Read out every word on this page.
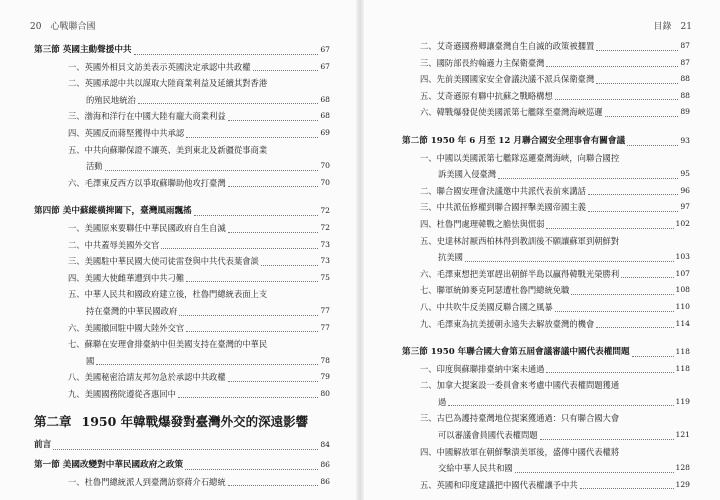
20 心戰聯合國	目錄 21
第三節 英國主動聲援中共	67
一、英國外相貝文訪美表示英國決定承認中共政權	67
二、英國承認中共以謀取大陸商業利益及延續其對香港
的殖民地統治	68
三、渤海和洋行在中國大陸有龐大商業利益	68
四、英國反而蔣堅獲得中共承認	69
五、中共向蘇聯保證不讓英、美到東北及新疆從事商業
活動	70
六、毛澤東反西方以爭取蘇聯助他攻打臺灣	70
第四節 美中蘇縱橫捭闔下，臺灣風雨飄搖	72
一、美國原來要聯任中華民國政府自生自滅	72
二、中共蓋辱美國外交官	73
三、美國駐中華民國大使司徒雷登與中共代表葉會談	73
四、美國大使雌華遭到中共刁難	75
五、中華人民共和國政府建立後，杜魯門總統表面上支
持在臺灣的中華民國政府	77
六、美國撤回駐中國大陸外交官	77
七、蘇聯在安理會排臺納中但美國支持在臺灣的中華民
國	78
八、美國秘密洽請友邦勿急於承認中共政權	79
九、美國國務院遵從吝惠回中	80
第二章 1950 年韓戰爆發對臺灣外交的深遠影響
前言	84
第一節 美國改變對中華民國政府之政策	86
一、杜魯門總統派人到臺灣訪察蔣介石總統	86
二、艾奇遜國務卿讓臺灣自生自滅的政策被擱置	87
三、國防部長約翰遜力主保衛臺灣	87
四、先前美國國家安全會議決議不派兵保衛臺灣	88
五、艾奇遜原有聯中抗蘇之戰略構想	88
六、韓戰爆發促使美國派第七艦隊至臺灣海峽巡邏	89
第二節 1950 年 6 月至 12 月聯合國安全理事會有關會議	93
一、中國以美國派第七艦隊巡邏臺灣海峽，向聯合國控
訴美國入侵臺灣	95
二、聯合國安理會決議邀中共派代表前來講話	96
三、中共派伍修權到聯合國抨擊美國帝國主義	97
四、杜魯門處理韓戰之膽怯與慌弱	102
五、史達林討厭西柏林得到教訓後不願讓蘇軍到朝鮮對
抗美國	103
六、毛澤東想把美軍趕出朝鮮半島以贏得韓戰光榮勝利	107
七、聯軍統帥麥克阿瑟遭杜魯門總統免職	108
八、中共吹牛反美國反聯合國之風暴	110
九、毛澤東為抗美援朝永遠失去解放臺灣的機會	114
第三節 1950 年聯合國大會第五屆會議審議中國代表權問題	118
一、印度與蘇聯排臺納中案未通過	118
二、加拿大提案設一委員會來考慮中國代表權問題獲通
過	119
三、古巴為護持臺灣地位提案獲通過：只有聯合國大會
可以審議會員國代表權問題	121
四、中國解放軍在朝鮮擊潰美軍後，盛傳中國代表權將
交給中華人民共和國	128
五、英國和印度建議把中國代表權讓予中共	129
